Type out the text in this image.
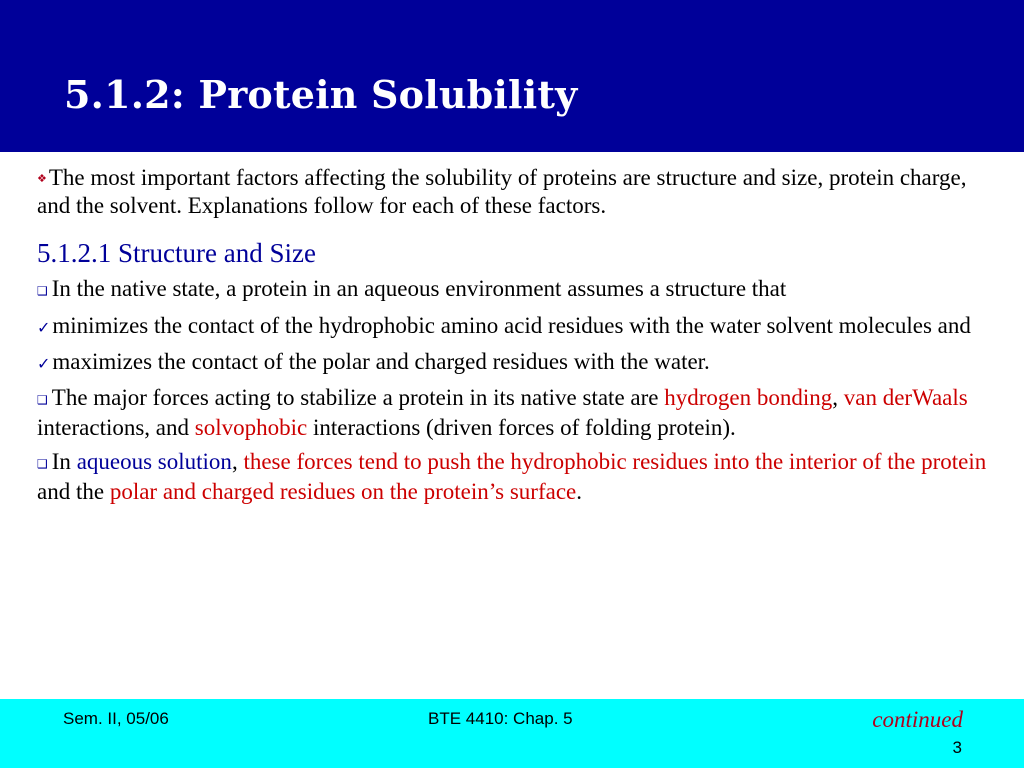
5.1.2: Protein Solubility

❖The most important factors affecting the solubility of proteins are structure and size, protein charge, and the solvent. Explanations follow for each of these factors.

5.1.2.1 Structure and Size

❑ In the native state, a protein in an aqueous environment assumes a structure that

✓minimizes the contact of the hydrophobic amino acid residues with the water solvent molecules and

✓maximizes the contact of the polar and charged residues with the water.

❑ The major forces acting to stabilize a protein in its native state are hydrogen bonding, van derWaals interactions, and solvophobic interactions (driven forces of folding protein).

❑ In aqueous solution, these forces tend to push the hydrophobic residues into the interior of the protein and the polar and charged residues on the protein’s surface.

Sem. II, 05/06	BTE 4410: Chap. 5	continued
3
